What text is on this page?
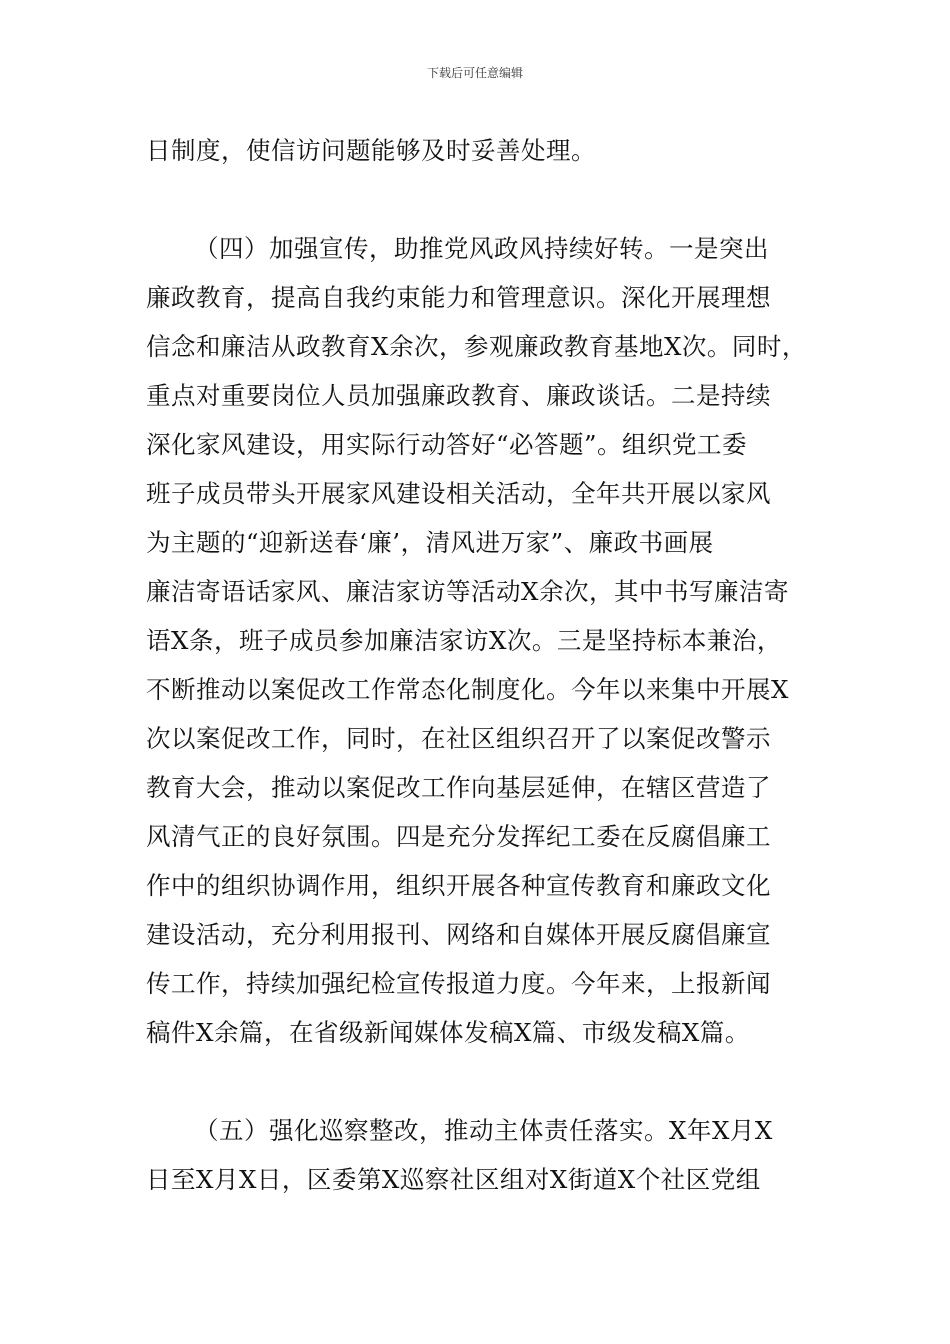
下载后可任意编辑
日制度，使信访问题能够及时妥善处理。
（四）加强宣传，助推党风政风持续好转。一是突出
廉政教育，提高自我约束能力和管理意识。深化开展理想
信念和廉洁从政教育X余次，参观廉政教育基地X次。同时，
重点对重要岗位人员加强廉政教育、廉政谈话。二是持续
深化家风建设，用实际行动答好“必答题”。组织党工委
班子成员带头开展家风建设相关活动，全年共开展以家风
为主题的“迎新送春‘廉’，清风进万家”、廉政书画展
廉洁寄语话家风、廉洁家访等活动X余次，其中书写廉洁寄
语X条，班子成员参加廉洁家访X次。三是坚持标本兼治，
不断推动以案促改工作常态化制度化。今年以来集中开展X
次以案促改工作，同时，在社区组织召开了以案促改警示
教育大会，推动以案促改工作向基层延伸，在辖区营造了
风清气正的良好氛围。四是充分发挥纪工委在反腐倡廉工
作中的组织协调作用，组织开展各种宣传教育和廉政文化
建设活动，充分利用报刊、网络和自媒体开展反腐倡廉宣
传工作，持续加强纪检宣传报道力度。今年来，上报新闻
稿件X余篇，在省级新闻媒体发稿X篇、市级发稿X篇。
（五）强化巡察整改，推动主体责任落实。X年X月X
日至X月X日，区委第X巡察社区组对X街道X个社区党组
